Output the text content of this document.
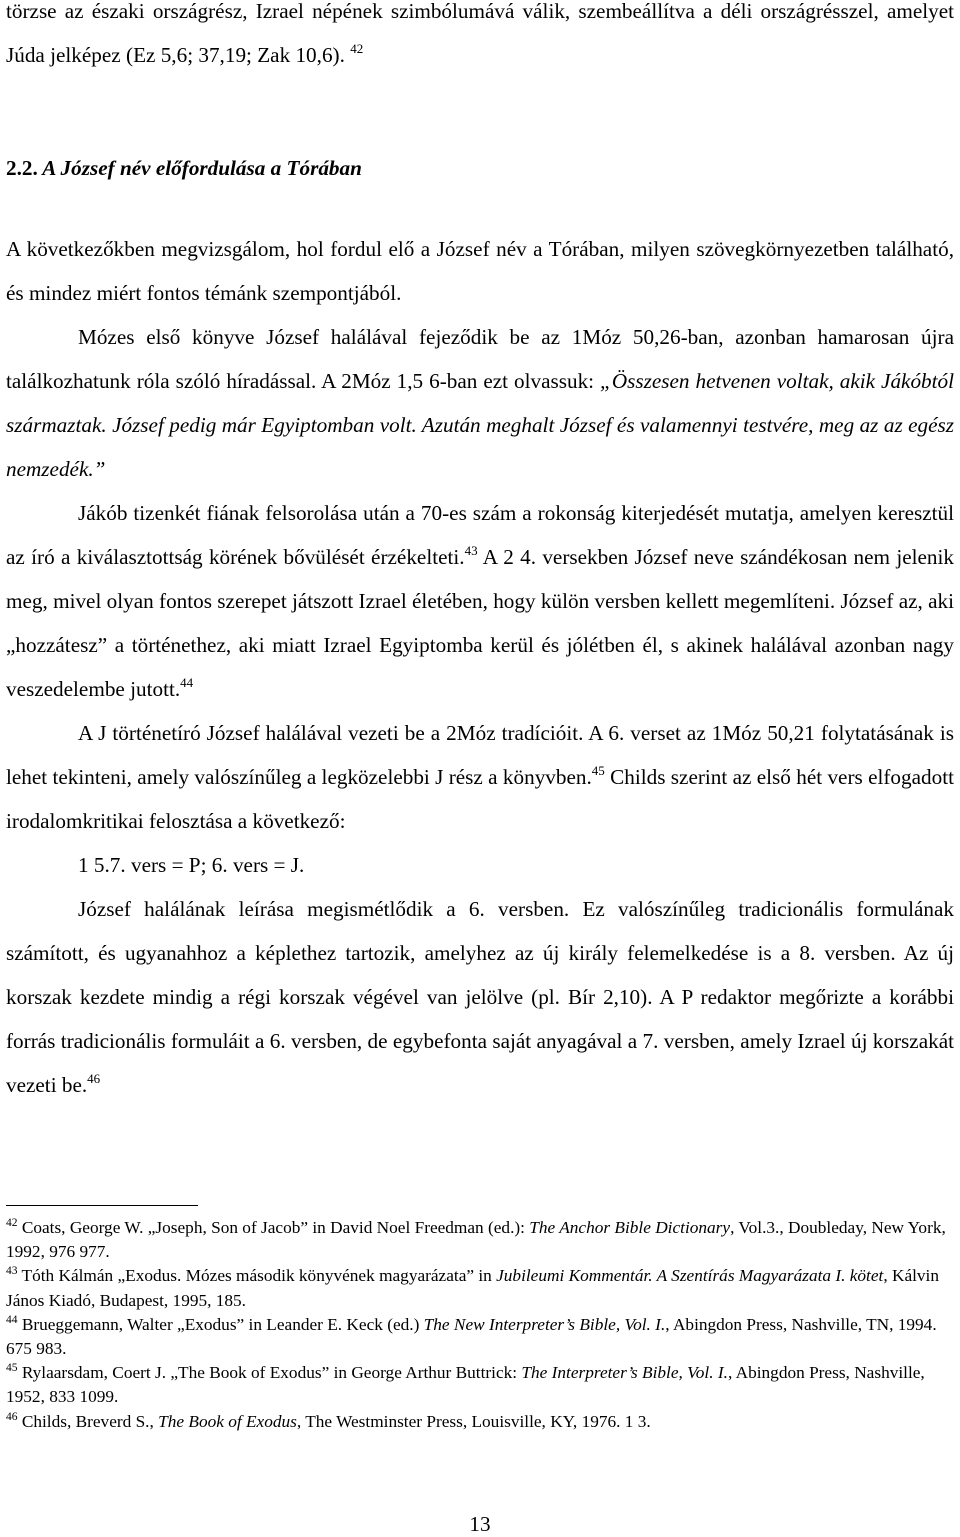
törzse az északi országrész, Izrael népének szimbólumává válik, szembeállítva a déli országrésszel, amelyet Júda jelképez (Ez 5,6; 37,19; Zak 10,6). $^{42}$

2.2. A József név előfordulása a Tórában

A következőkben megvizsgálom, hol fordul elő a József név a Tórában, milyen szövegkörnyezetben található, és mindez miért fontos témánk szempontjából.

Mózes első könyve József halálával fejeződik be az 1Móz 50,26-ban, azonban hamarosan újra találkozhatunk róla szóló híradással. A 2Móz 1,5 6-ban ezt olvassuk: „Összesen hetvenen voltak, akik Jákóbtól származtak. József pedig már Egyiptomban volt. Azután meghalt József és valamennyi testvére, meg az az egész nemzedék.”

Jákób tizenkét fiának felsorolása után a 70-es szám a rokonság kiterjedését mutatja, amelyen keresztül az író a kiválasztottság körének bővülését érzékelteti.$^{43}$ A 2 4. versekben József neve szándékosan nem jelenik meg, mivel olyan fontos szerepet játszott Izrael életében, hogy külön versben kellett megemlíteni. József az, aki „hozzátesz” a történethez, aki miatt Izrael Egyiptomba kerül és jólétben él, s akinek halálával azonban nagy veszedelembe jutott.$^{44}$

A J történetíró József halálával vezeti be a 2Móz tradícióit. A 6. verset az 1Móz 50,21 folytatásának is lehet tekinteni, amely valószínűleg a legközelebbi J rész a könyvben.$^{45}$ Childs szerint az első hét vers elfogadott irodalomkritikai felosztása a következő:

1 5.7. vers = P; 6. vers = J.

József halálának leírása megismétlődik a 6. versben. Ez valószínűleg tradicionális formulának számított, és ugyanahhoz a képlethez tartozik, amelyhez az új király felemelkedése is a 8. versben. Az új korszak kezdete mindig a régi korszak végével van jelölve (pl. Bír 2,10). A P redaktor megőrizte a korábbi forrás tradicionális formuláit a 6. versben, de egybefonta saját anyagával a 7. versben, amely Izrael új korszakát vezeti be.$^{46}$

$^{42}$ Coats, George W. „Joseph, Son of Jacob” in David Noel Freedman (ed.): The Anchor Bible Dictionary, Vol.3., Doubleday, New York, 1992, 976 977.

$^{43}$ Tóth Kálmán „Exodus. Mózes második könyvének magyarázata” in Jubileumi Kommentár. A Szentírás Magyarázata I. kötet, Kálvin János Kiadó, Budapest, 1995, 185.

$^{44}$ Brueggemann, Walter „Exodus” in Leander E. Keck (ed.) The New Interpreter’s Bible, Vol. I., Abingdon Press, Nashville, TN, 1994. 675 983.

$^{45}$ Rylaarsdam, Coert J. „The Book of Exodus” in George Arthur Buttrick: The Interpreter’s Bible, Vol. I., Abingdon Press, Nashville, 1952, 833 1099.

$^{46}$ Childs, Breverd S., The Book of Exodus, The Westminster Press, Louisville, KY, 1976. 1 3.

13
